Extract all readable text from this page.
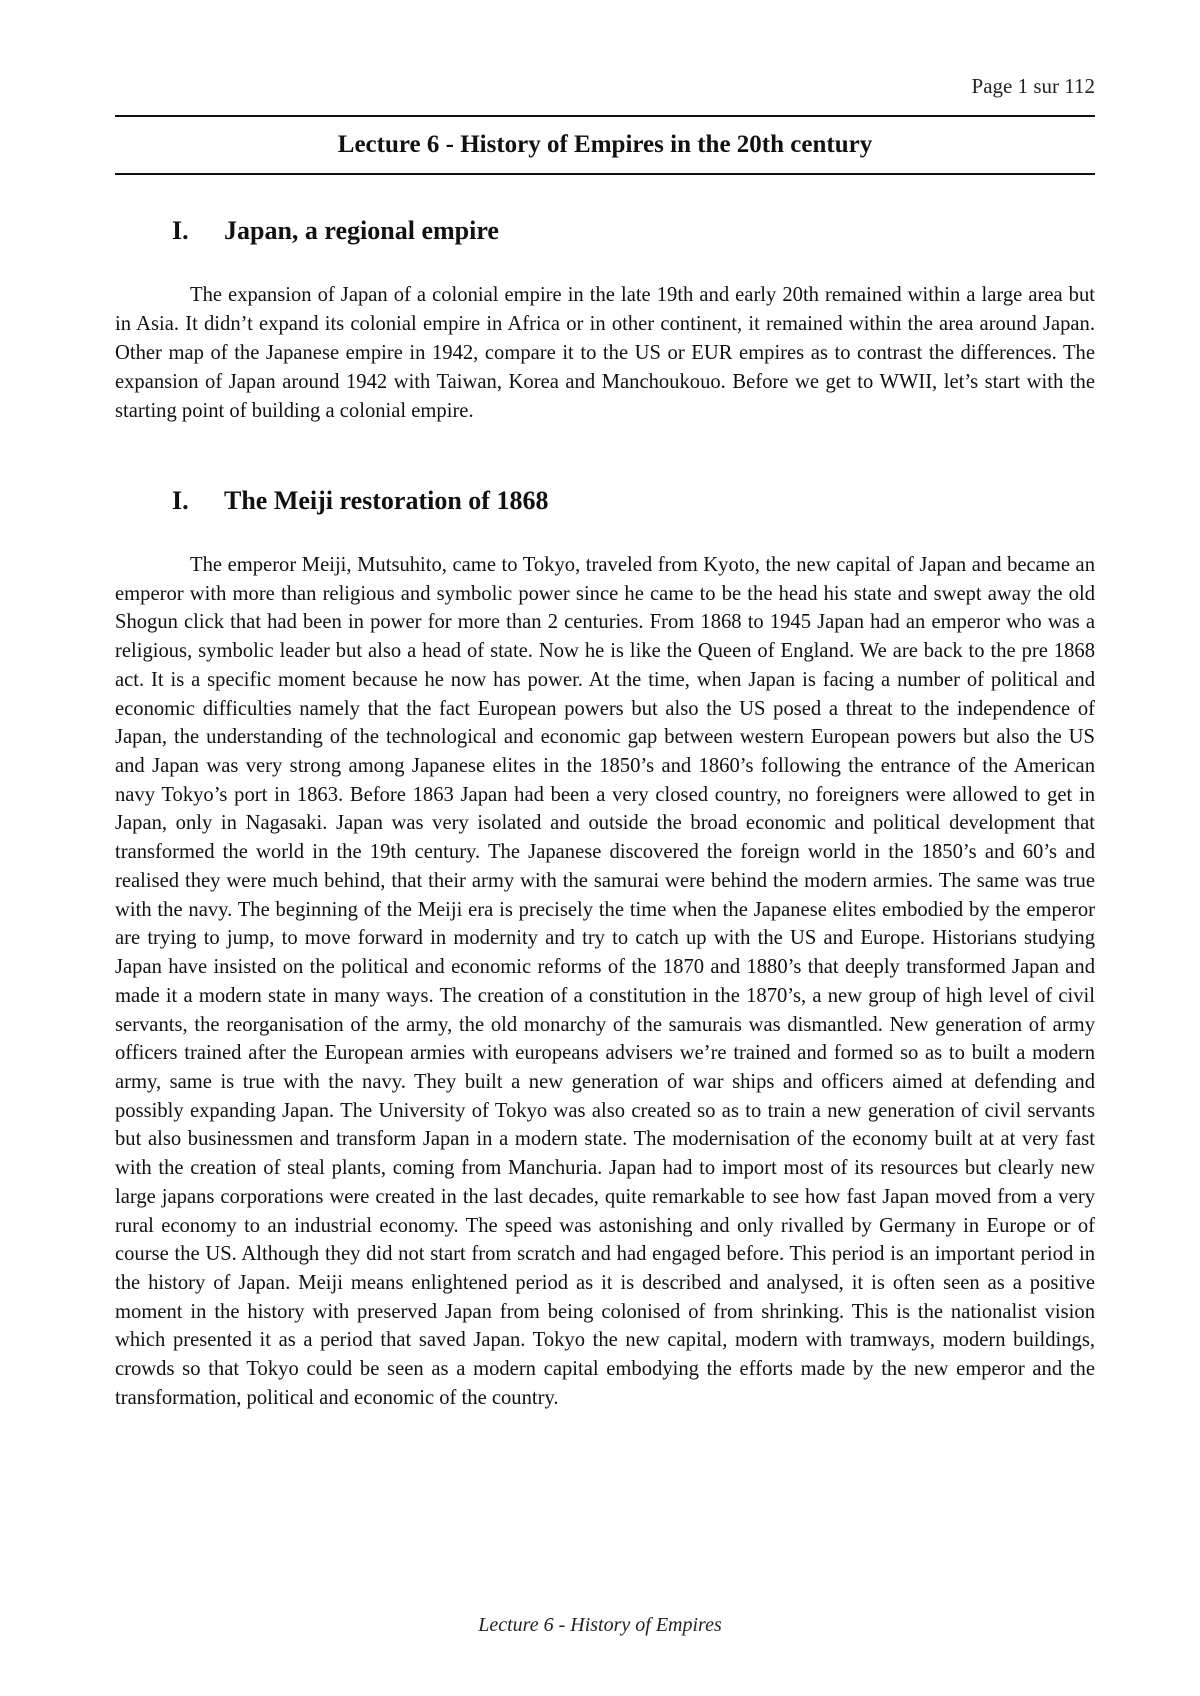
Page 1 sur 112
Lecture 6 - History of Empires in the 20th century
I. Japan, a regional empire

The expansion of Japan of a colonial empire in the late 19th and early 20th remained within a large area but in Asia. It didn’t expand its colonial empire in Africa or in other continent, it remained within the area around Japan. Other map of the Japanese empire in 1942, compare it to the US or EUR empires as to contrast the differences. The expansion of Japan around 1942 with Taiwan, Korea and Manchoukouo. Before we get to WWII, let’s start with the starting point of building a colonial empire.

I. The Meiji restoration of 1868

The emperor Meiji, Mutsuhito, came to Tokyo, traveled from Kyoto, the new capital of Japan and became an emperor with more than religious and symbolic power since he came to be the head his state and swept away the old Shogun click that had been in power for more than 2 centuries. From 1868 to 1945 Japan had an emperor who was a religious, symbolic leader but also a head of state. Now he is like the Queen of England. We are back to the pre 1868 act. It is a specific moment because he now has power. At the time, when Japan is facing a number of political and economic difficulties namely that the fact European powers but also the US posed a threat to the independence of Japan, the understanding of the technological and economic gap between western European powers but also the US and Japan was very strong among Japanese elites in the 1850’s and 1860’s following the entrance of the American navy Tokyo’s port in 1863. Before 1863 Japan had been a very closed country, no foreigners were allowed to get in Japan, only in Nagasaki. Japan was very isolated and outside the broad economic and political development that transformed the world in the 19th century. The Japanese discovered the foreign world in the 1850’s and 60’s and realised they were much behind, that their army with the samurai were behind the modern armies. The same was true with the navy. The beginning of the Meiji era is precisely the time when the Japanese elites embodied by the emperor are trying to jump, to move forward in modernity and try to catch up with the US and Europe. Historians studying Japan have insisted on the political and economic reforms of the 1870 and 1880’s that deeply transformed Japan and made it a modern state in many ways. The creation of a constitution in the 1870’s, a new group of high level of civil servants, the reorganisation of the army, the old monarchy of the samurais was dismantled. New generation of army officers trained after the European armies with europeans advisers we’re trained and formed so as to built a modern army, same is true with the navy. They built a new generation of war ships and officers aimed at defending and possibly expanding Japan. The University of Tokyo was also created so as to train a new generation of civil servants but also businessmen and transform Japan in a modern state. The modernisation of the economy built at at very fast with the creation of steal plants, coming from Manchuria. Japan had to import most of its resources but clearly new large japans corporations were created in the last decades, quite remarkable to see how fast Japan moved from a very rural economy to an industrial economy. The speed was astonishing and only rivalled by Germany in Europe or of course the US. Although they did not start from scratch and had engaged before. This period is an important period in the history of Japan. Meiji means enlightened period as it is described and analysed, it is often seen as a positive moment in the history with preserved Japan from being colonised of from shrinking. This is the nationalist vision which presented it as a period that saved Japan. Tokyo the new capital, modern with tramways, modern buildings, crowds so that Tokyo could be seen as a modern capital embodying the efforts made by the new emperor and the transformation, political and economic of the country.

Lecture 6 - History of Empires
